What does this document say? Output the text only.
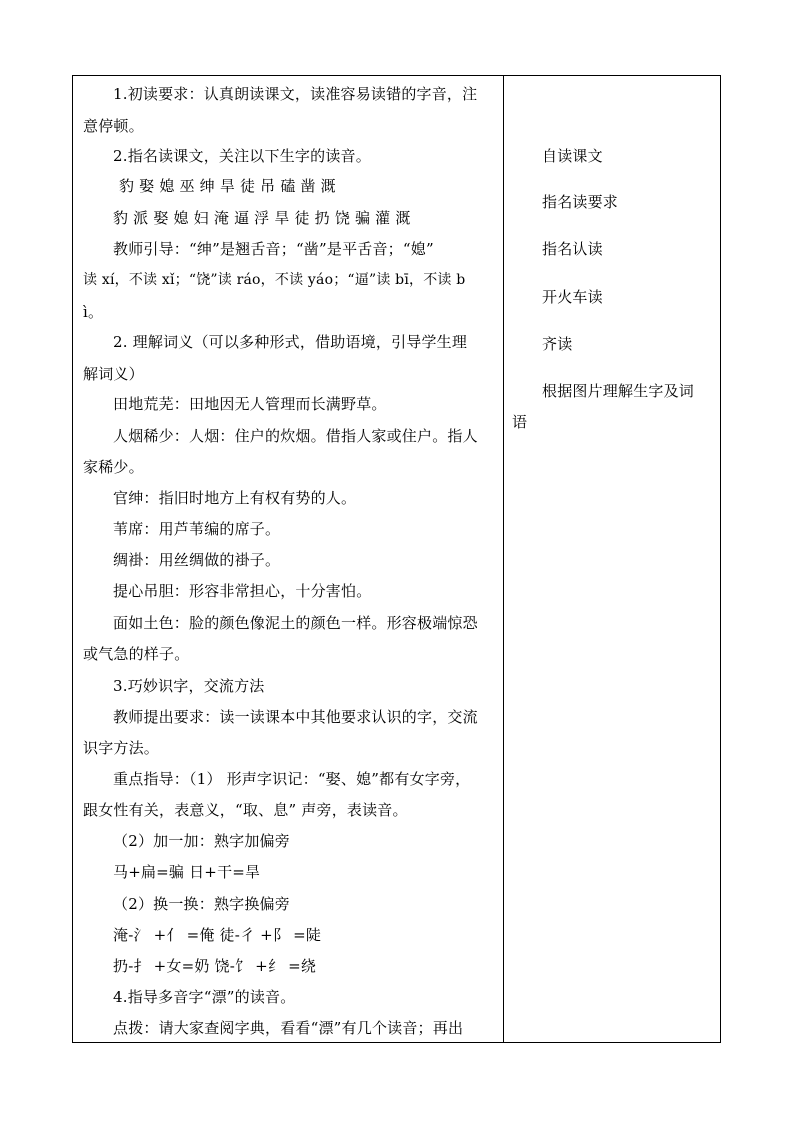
1.初读要求：认真朗读课文，读准容易读错的字音，注
意停顿。
2.指名读课文，关注以下生字的读音。
豹 娶 媳 巫 绅 旱 徒 吊 磕 凿 溉
豹 派 娶 媳 妇 淹 逼 浮 旱 徒 扔 饶 骗 灌 溉
教师引导：“绅”是翘舌音；“凿”是平舌音；“媳”
读 xí，不读 xǐ；“饶”读 ráo，不读 yáo；“逼”读 bī，不读 b
ì。
2. 理解词义（可以多种形式，借助语境，引导学生理
解词义）
田地荒芜：田地因无人管理而长满野草。
人烟稀少：人烟：住户的炊烟。借指人家或住户。指人
家稀少。
官绅：指旧时地方上有权有势的人。
苇席：用芦苇编的席子。
绸褂：用丝绸做的褂子。
提心吊胆：形容非常担心，十分害怕。
面如土色：脸的颜色像泥土的颜色一样。形容极端惊恐
或气急的样子。
3.巧妙识字，交流方法
教师提出要求：读一读课本中其他要求认识的字，交流
识字方法。
重点指导：（1） 形声字识记：“娶、媳”都有女字旁，
跟女性有关，表意义，“取、息” 声旁，表读音。
（2）加一加：熟字加偏旁
马+扁=骗 日+干=旱
（2）换一换：熟字换偏旁
淹-氵 +亻 =俺 徒-彳 +阝 =陡
扔-扌 +女=奶 饶-饣 +纟 =绕
4.指导多音字“漂”的读音。
点拨：请大家查阅字典，看看“漂”有几个读音；再出
自读课文
指名读要求
指名认读
开火车读
齐读
根据图片理解生字及词
语
